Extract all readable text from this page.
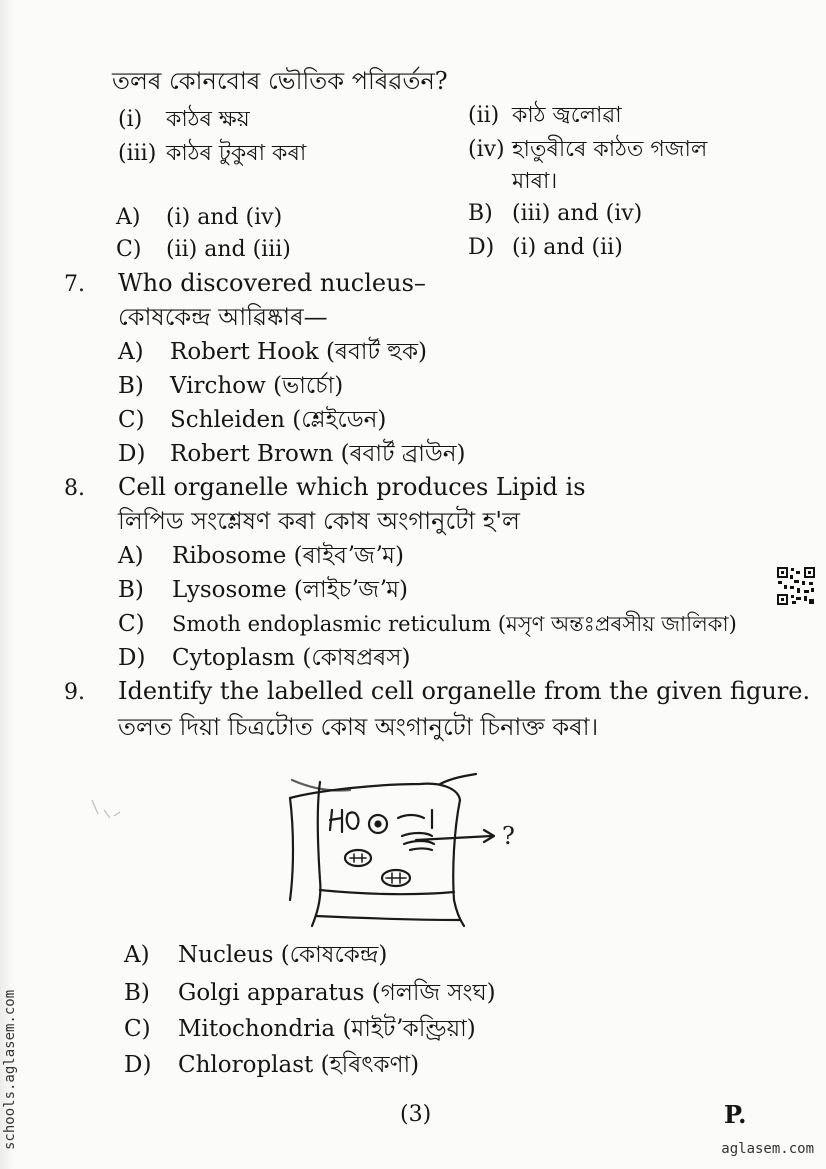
তলৰ কোনবোৰ ভৌতিক পৰিৱৰ্তন?
(i) কাঠৰ ক্ষয়	(ii) কাঠ জ্বলোৱা
(iii) কাঠৰ টুকুৰা কৰা	(iv) হাতুৰীৰে কাঠত গজাল
মাৰা।
A) (i) and (iv)	B) (iii) and (iv)
C) (ii) and (iii)	D) (i) and (ii)
7. Who discovered nucleus–
কোষকেন্দ্ৰ আৱিষ্কাৰ—
A) Robert Hook (ৰবাৰ্ট হুক)
B) Virchow (ভাৰ্চো)
C) Schleiden (শ্লেইডেন)
D) Robert Brown (ৰবাৰ্ট ব্ৰাউন)
8. Cell organelle which produces Lipid is
লিপিড সংশ্লেষণ কৰা কোষ অংগানুটো হ'ল
A) Ribosome (ৰাইবʼজʼম)
B) Lysosome (লাইচʼজʼম)
C) Smoth endoplasmic reticulum (মসৃণ অন্তঃপ্ৰৰসীয় জালিকা)
D) Cytoplasm (কোষপ্ৰৰস)
9. Identify the labelled cell organelle from the given figure.
তলত দিয়া চিত্ৰটোত কোষ অংগানুটো চিনাক্ত কৰা।
?
A) Nucleus (কোষকেন্দ্ৰ)
B) Golgi apparatus (গলজি সংঘ)
C) Mitochondria (মাইটʼকণ্ড্ৰিয়া)
D) Chloroplast (হৰিৎকণা)
(3)	P.
schools.aglasem.com	aglasem.com
